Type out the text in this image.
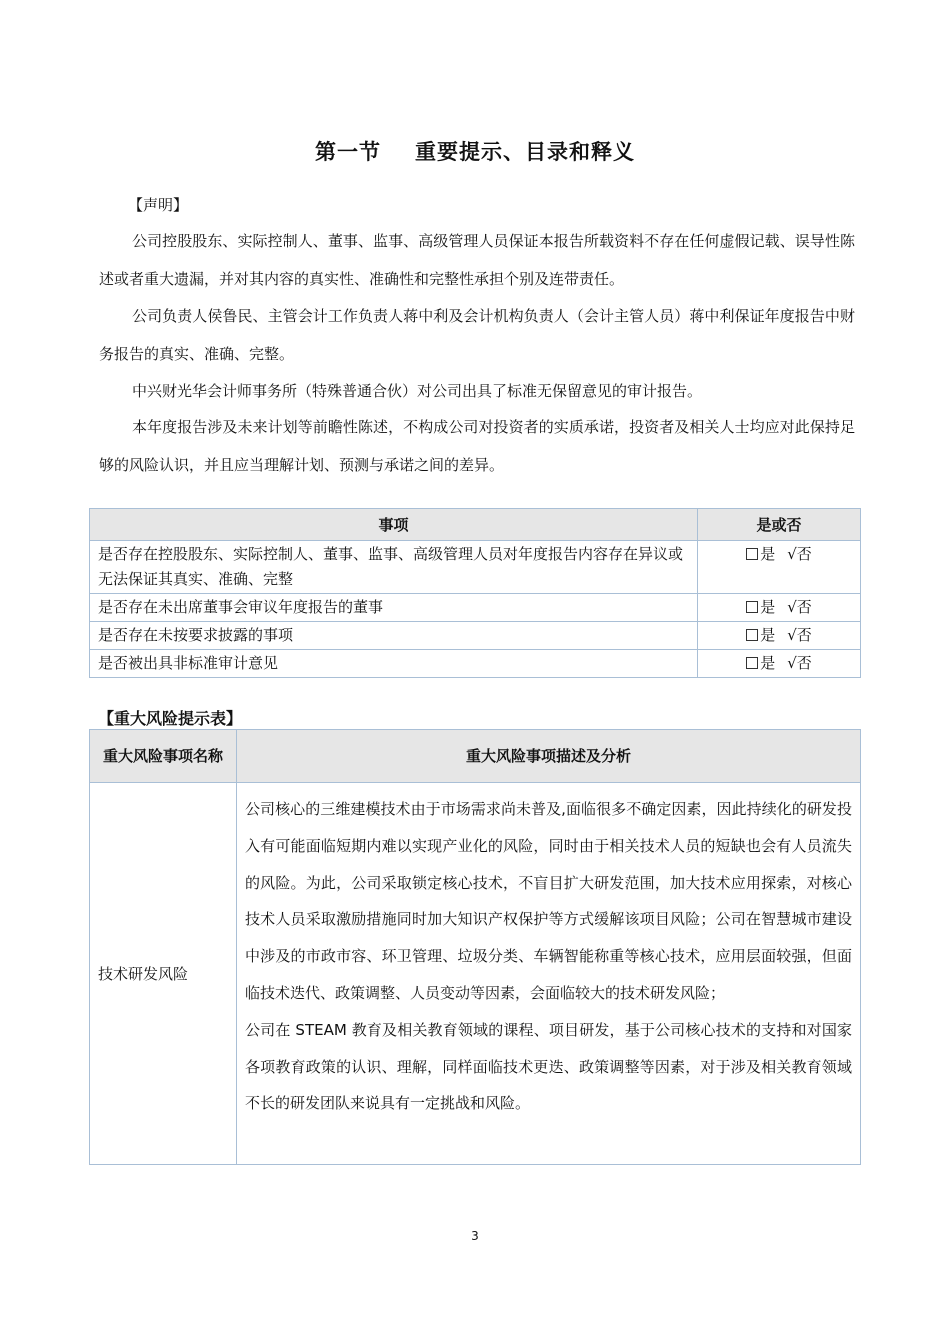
第一节 重要提示、目录和释义
【声明】
公司控股股东、实际控制人、董事、监事、高级管理人员保证本报告所载资料不存在任何虚假记载、误导性陈述或者重大遗漏，并对其内容的真实性、准确性和完整性承担个别及连带责任。
公司负责人侯鲁民、主管会计工作负责人蒋中利及会计机构负责人（会计主管人员）蒋中利保证年度报告中财务报告的真实、准确、完整。
中兴财光华会计师事务所（特殊普通合伙）对公司出具了标准无保留意见的审计报告。
本年度报告涉及未来计划等前瞻性陈述，不构成公司对投资者的实质承诺，投资者及相关人士均应对此保持足够的风险认识，并且应当理解计划、预测与承诺之间的差异。
事项	是或否
是否存在控股股东、实际控制人、董事、监事、高级管理人员对年度报告内容存在异议或无法保证其真实、准确、完整	是 √否
是否存在未出席董事会审议年度报告的董事	是 √否
是否存在未按要求披露的事项	是 √否
是否被出具非标准审计意见	是 √否
【重大风险提示表】
重大风险事项名称	重大风险事项描述及分析
技术研发风险	公司核心的三维建模技术由于市场需求尚未普及,面临很多不确定因素，因此持续化的研发投入有可能面临短期内难以实现产业化的风险，同时由于相关技术人员的短缺也会有人员流失的风险。为此，公司采取锁定核心技术，不盲目扩大研发范围，加大技术应用探索，对核心技术人员采取激励措施同时加大知识产权保护等方式缓解该项目风险；公司在智慧城市建设中涉及的市政市容、环卫管理、垃圾分类、车辆智能称重等核心技术，应用层面较强，但面临技术迭代、政策调整、人员变动等因素，会面临较大的技术研发风险；
公司在 STEAM 教育及相关教育领域的课程、项目研发，基于公司核心技术的支持和对国家各项教育政策的认识、理解，同样面临技术更迭、政策调整等因素，对于涉及相关教育领域不长的研发团队来说具有一定挑战和风险。
3
